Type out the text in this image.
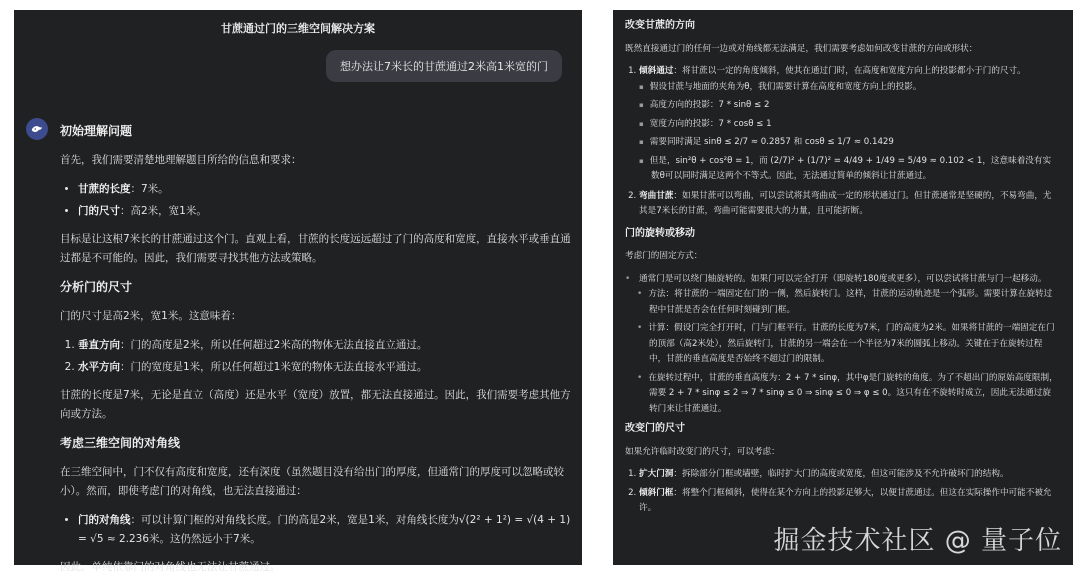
甘蔗通过门的三维空间解决方案
想办法让7米长的甘蔗通过2米高1米宽的门
初始理解问题

首先，我们需要清楚地理解题目所给的信息和要求：

• 甘蔗的长度：7米。
• 门的尺寸：高2米，宽1米。

目标是让这根7米长的甘蔗通过这个门。直观上看，甘蔗的长度远远超过了门的高度和宽度，直接水平或垂直通过都是不可能的。因此，我们需要寻找其他方法或策略。

分析门的尺寸

门的尺寸是高2米，宽1米。这意味着：

1. 垂直方向：门的高度是2米，所以任何超过2米高的物体无法直接直立通过。
2. 水平方向：门的宽度是1米，所以任何超过1米宽的物体无法直接水平通过。

甘蔗的长度是7米，无论是直立（高度）还是水平（宽度）放置，都无法直接通过。因此，我们需要考虑其他方向或方法。

考虑三维空间的对角线

在三维空间中，门不仅有高度和宽度，还有深度（虽然题目没有给出门的厚度，但通常门的厚度可以忽略或较小）。然而，即使考虑门的对角线，也无法直接通过：

• 门的对角线：可以计算门框的对角线长度。门的高是2米，宽是1米，对角线长度为√(2² + 1²) = √(4 + 1) = √5 ≈ 2.236米。这仍然远小于7米。

因此，单纯依靠门的对角线也无法让甘蔗通过。

改变甘蔗的方向

既然直接通过门的任何一边或对角线都无法满足，我们需要考虑如何改变甘蔗的方向或形状：

1. 倾斜通过：将甘蔗以一定的角度倾斜，使其在通过门时，在高度和宽度方向上的投影都小于门的尺寸。
▪ 假设甘蔗与地面的夹角为θ，我们需要计算在高度和宽度方向上的投影。
▪ 高度方向的投影：7 * sinθ ≤ 2
▪ 宽度方向的投影：7 * cosθ ≤ 1
▪ 需要同时满足 sinθ ≤ 2/7 ≈ 0.2857 和 cosθ ≤ 1/7 ≈ 0.1429
▪ 但是，sin²θ + cos²θ = 1，而 (2/7)² + (1/7)² = 4/49 + 1/49 = 5/49 ≈ 0.102 < 1，这意味着没有实数θ可以同时满足这两个不等式。因此，无法通过简单的倾斜让甘蔗通过。
2. 弯曲甘蔗：如果甘蔗可以弯曲，可以尝试将其弯曲成一定的形状通过门。但甘蔗通常是坚硬的，不易弯曲，尤其是7米长的甘蔗，弯曲可能需要很大的力量，且可能折断。
门的旋转或移动

考虑门的固定方式：

• 通常门是可以绕门轴旋转的。如果门可以完全打开（即旋转180度或更多），可以尝试将甘蔗与门一起移动。
• 方法：将甘蔗的一端固定在门的一侧，然后旋转门。这样，甘蔗的运动轨迹是一个弧形。需要计算在旋转过程中甘蔗是否会在任何时刻碰到门框。
• 计算：假设门完全打开时，门与门框平行。甘蔗的长度为7米，门的高度为2米。如果将甘蔗的一端固定在门的顶部（高2米处），然后旋转门，甘蔗的另一端会在一个半径为7米的圆弧上移动。关键在于在旋转过程中，甘蔗的垂直高度是否始终不超过门的限制。
• 在旋转过程中，甘蔗的垂直高度为：2 + 7 * sinφ，其中φ是门旋转的角度。为了不超出门的原始高度限制，需要 2 + 7 * sinφ ≤ 2 ⇒ 7 * sinφ ≤ 0 ⇒ sinφ ≤ 0 ⇒ φ ≤ 0。这只有在不旋转时成立，因此无法通过旋转门来让甘蔗通过。
改变门的尺寸

如果允许临时改变门的尺寸，可以考虑：

1. 扩大门洞：拆除部分门框或墙壁，临时扩大门的高度或宽度，但这可能涉及不允许破坏门的结构。
2. 倾斜门框：将整个门框倾斜，使得在某个方向上的投影足够大，以便甘蔗通过。但这在实际操作中可能不被允许。
掘金技术社区 @ 量子位
